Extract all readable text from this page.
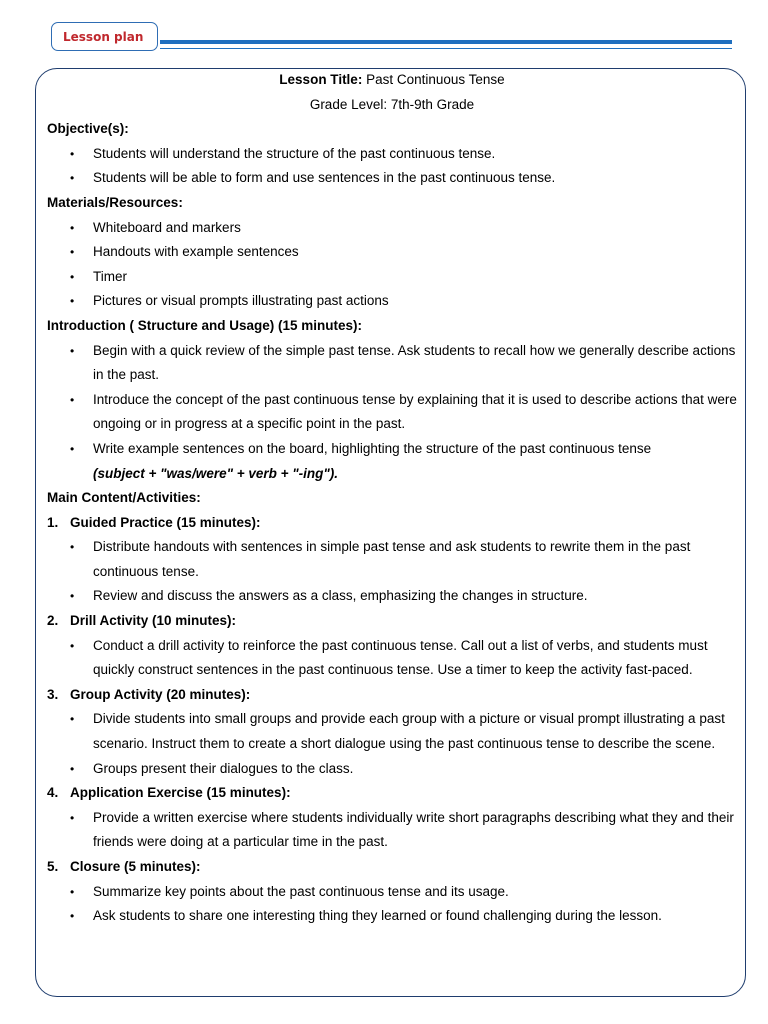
Lesson plan
Lesson Title: Past Continuous Tense
Grade Level: 7th-9th Grade
Objective(s):
• Students will understand the structure of the past continuous tense.
• Students will be able to form and use sentences in the past continuous tense.
Materials/Resources:
• Whiteboard and markers
• Handouts with example sentences
• Timer
• Pictures or visual prompts illustrating past actions
Introduction ( Structure and Usage) (15 minutes):
• Begin with a quick review of the simple past tense. Ask students to recall how we generally describe actions in the past.
• Introduce the concept of the past continuous tense by explaining that it is used to describe actions that were ongoing or in progress at a specific point in the past.
• Write example sentences on the board, highlighting the structure of the past continuous tense
(subject + "was/were" + verb + "-ing").
Main Content/Activities:
1. Guided Practice (15 minutes):
• Distribute handouts with sentences in simple past tense and ask students to rewrite them in the past continuous tense.
• Review and discuss the answers as a class, emphasizing the changes in structure.
2. Drill Activity (10 minutes):
• Conduct a drill activity to reinforce the past continuous tense. Call out a list of verbs, and students must quickly construct sentences in the past continuous tense. Use a timer to keep the activity fast-paced.
3. Group Activity (20 minutes):
• Divide students into small groups and provide each group with a picture or visual prompt illustrating a past scenario. Instruct them to create a short dialogue using the past continuous tense to describe the scene.
• Groups present their dialogues to the class.
4. Application Exercise (15 minutes):
• Provide a written exercise where students individually write short paragraphs describing what they and their friends were doing at a particular time in the past.
5. Closure (5 minutes):
• Summarize key points about the past continuous tense and its usage.
• Ask students to share one interesting thing they learned or found challenging during the lesson.
